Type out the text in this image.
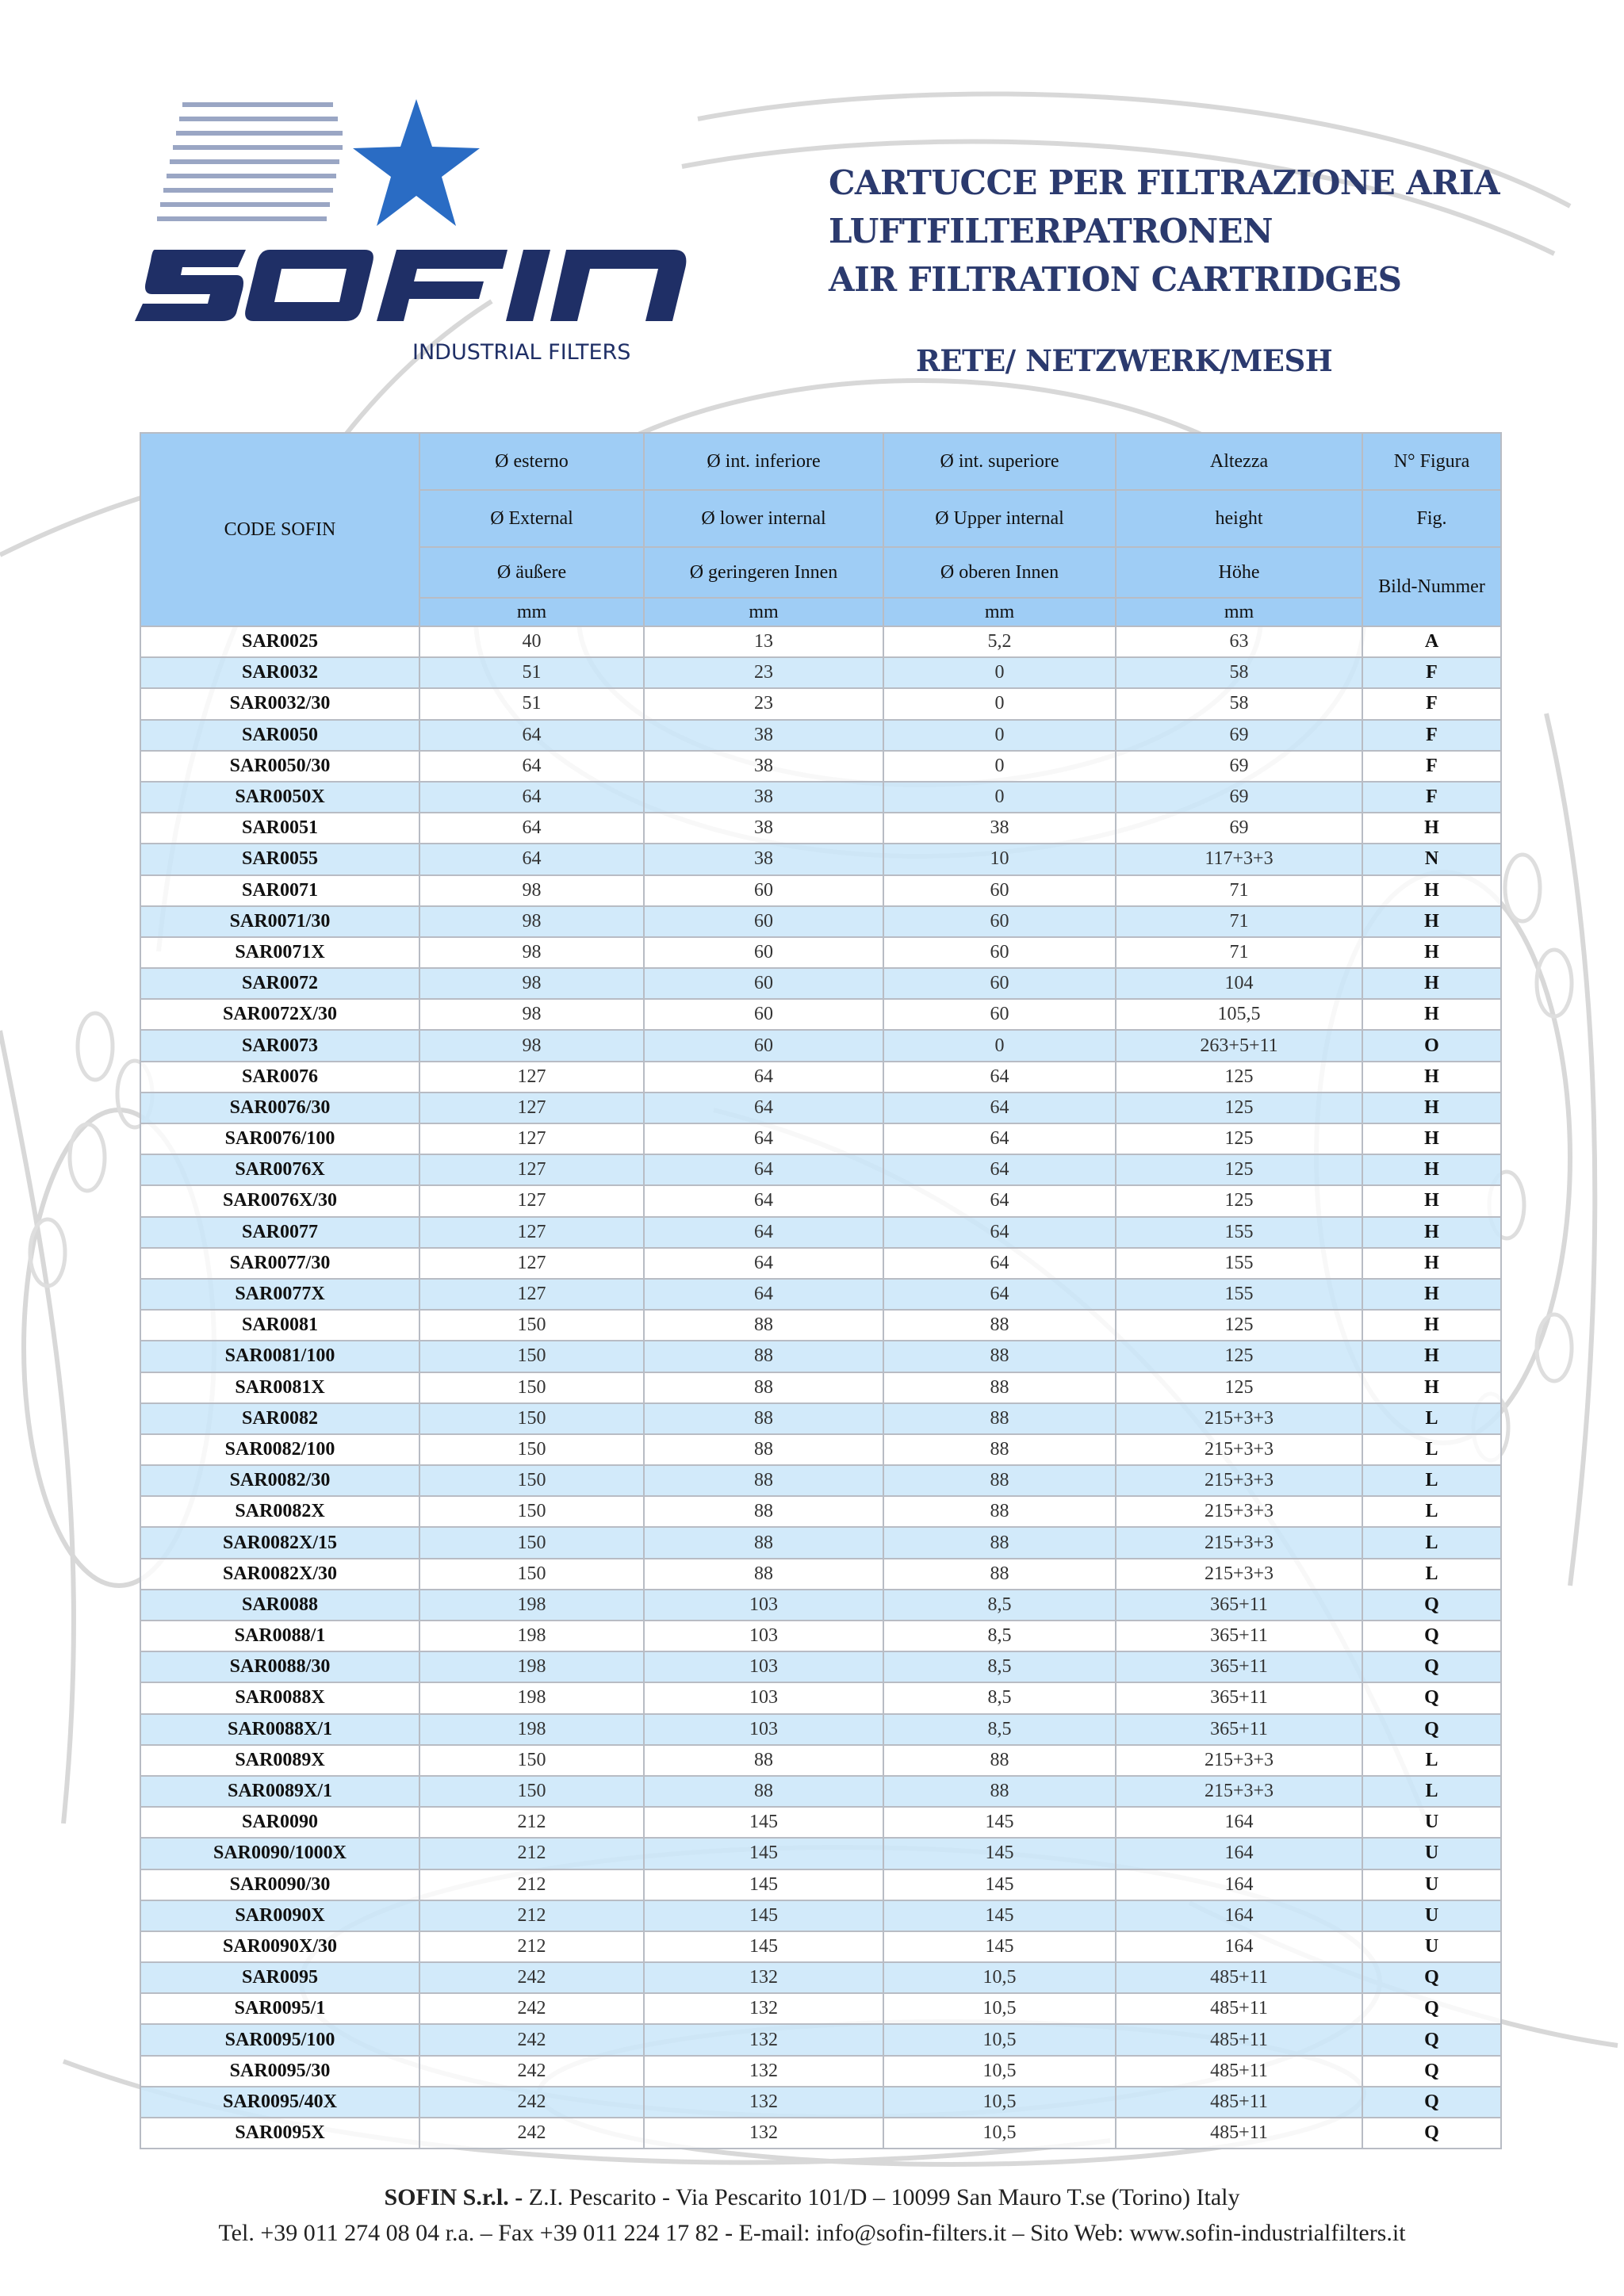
INDUSTRIAL FILTERS
CARTUCCE PER FILTRAZIONE ARIA
LUFTFILTERPATRONEN
AIR FILTRATION CARTRIDGES
RETE/ NETZWERK/MESH
CODE SOFIN	Ø esterno	Ø int. inferiore	Ø int. superiore	Altezza	N° Figura
	Ø External	Ø lower internal	Ø Upper internal	height	Fig.
	Ø äußere	Ø geringeren Innen	Ø oberen Innen	Höhe	Bild-Nummer
	mm	mm	mm	mm	
SAR0025	40	13	5,2	63	A
SAR0032	51	23	0	58	F
SAR0032/30	51	23	0	58	F
SAR0050	64	38	0	69	F
SAR0050/30	64	38	0	69	F
SAR0050X	64	38	0	69	F
SAR0051	64	38	38	69	H
SAR0055	64	38	10	117+3+3	N
SAR0071	98	60	60	71	H
SAR0071/30	98	60	60	71	H
SAR0071X	98	60	60	71	H
SAR0072	98	60	60	104	H
SAR0072X/30	98	60	60	105,5	H
SAR0073	98	60	0	263+5+11	O
SAR0076	127	64	64	125	H
SAR0076/30	127	64	64	125	H
SAR0076/100	127	64	64	125	H
SAR0076X	127	64	64	125	H
SAR0076X/30	127	64	64	125	H
SAR0077	127	64	64	155	H
SAR0077/30	127	64	64	155	H
SAR0077X	127	64	64	155	H
SAR0081	150	88	88	125	H
SAR0081/100	150	88	88	125	H
SAR0081X	150	88	88	125	H
SAR0082	150	88	88	215+3+3	L
SAR0082/100	150	88	88	215+3+3	L
SAR0082/30	150	88	88	215+3+3	L
SAR0082X	150	88	88	215+3+3	L
SAR0082X/15	150	88	88	215+3+3	L
SAR0082X/30	150	88	88	215+3+3	L
SAR0088	198	103	8,5	365+11	Q
SAR0088/1	198	103	8,5	365+11	Q
SAR0088/30	198	103	8,5	365+11	Q
SAR0088X	198	103	8,5	365+11	Q
SAR0088X/1	198	103	8,5	365+11	Q
SAR0089X	150	88	88	215+3+3	L
SAR0089X/1	150	88	88	215+3+3	L
SAR0090	212	145	145	164	U
SAR0090/1000X	212	145	145	164	U
SAR0090/30	212	145	145	164	U
SAR0090X	212	145	145	164	U
SAR0090X/30	212	145	145	164	U
SAR0095	242	132	10,5	485+11	Q
SAR0095/1	242	132	10,5	485+11	Q
SAR0095/100	242	132	10,5	485+11	Q
SAR0095/30	242	132	10,5	485+11	Q
SAR0095/40X	242	132	10,5	485+11	Q
SAR0095X	242	132	10,5	485+11	Q
SOFIN S.r.l. - Z.I. Pescarito - Via Pescarito 101/D – 10099 San Mauro T.se (Torino) Italy
Tel. +39 011 274 08 04 r.a. – Fax +39 011 224 17 82 - E-mail: info@sofin-filters.it – Sito Web: www.sofin-industrialfilters.it
